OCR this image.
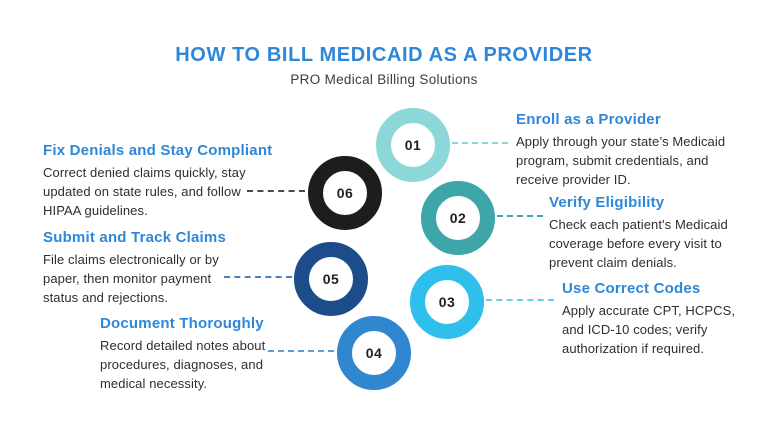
HOW TO BILL MEDICAID AS A PROVIDER
PRO Medical Billing Solutions
01
02
03
04
05
06
Enroll as a Provider
Apply through your state’s Medicaid program, submit credentials, and receive provider ID.
Verify Eligibility
Check each patient's Medicaid coverage before every visit to prevent claim denials.
Use Correct Codes
Apply accurate CPT, HCPCS, and ICD-10 codes; verify authorization if required.
Document Thoroughly
Record detailed notes about procedures, diagnoses, and medical necessity.
Submit and Track Claims
File claims electronically or by paper, then monitor payment status and rejections.
Fix Denials and Stay Compliant
Correct denied claims quickly, stay updated on state rules, and follow HIPAA guidelines.
